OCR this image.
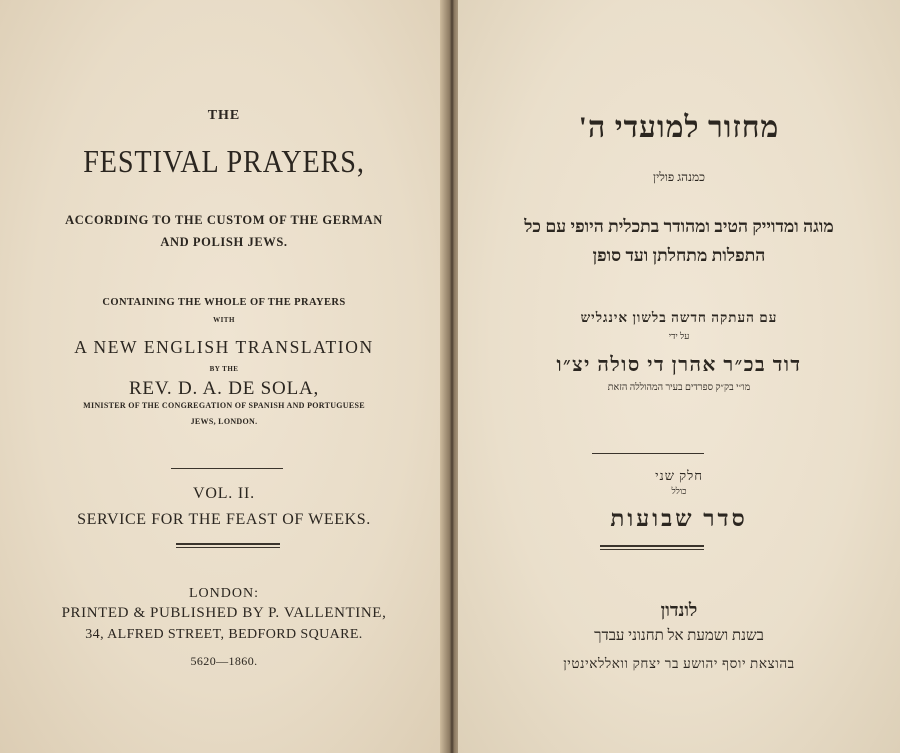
THE
FESTIVAL PRAYERS,
ACCORDING TO THE CUSTOM OF THE GERMAN
AND POLISH JEWS.
CONTAINING THE WHOLE OF THE PRAYERS
WITH
A NEW ENGLISH TRANSLATION
BY THE
REV. D. A. DE SOLA,
MINISTER OF THE CONGREGATION OF SPANISH AND PORTUGUESE
JEWS, LONDON.
VOL. II.
SERVICE FOR THE FEAST OF WEEKS.
LONDON:
PRINTED & PUBLISHED BY P. VALLENTINE,
34, ALFRED STREET, BEDFORD SQUARE.
5620—1860.
מחזור למועדי ה'
כמנהג פולין
מוגה ומדוייק הטיב ומהודר בתכלית היופי עם כל
התפלות מתחלתן ועד סופן
עם העתקה חדשה בלשון אינגליש
על ידי
דוד בכ״ר אהרן די סולה יצ״ו
מו״י בק״ק ספרדים בעיר המהוללה הזאת
חלק שני
כולל
סדר שבועות
לונדון
בשנת ושמעת אל תחנוני עבדך
בהוצאת יוסף יהושע בר יצחק וואללאינטין
